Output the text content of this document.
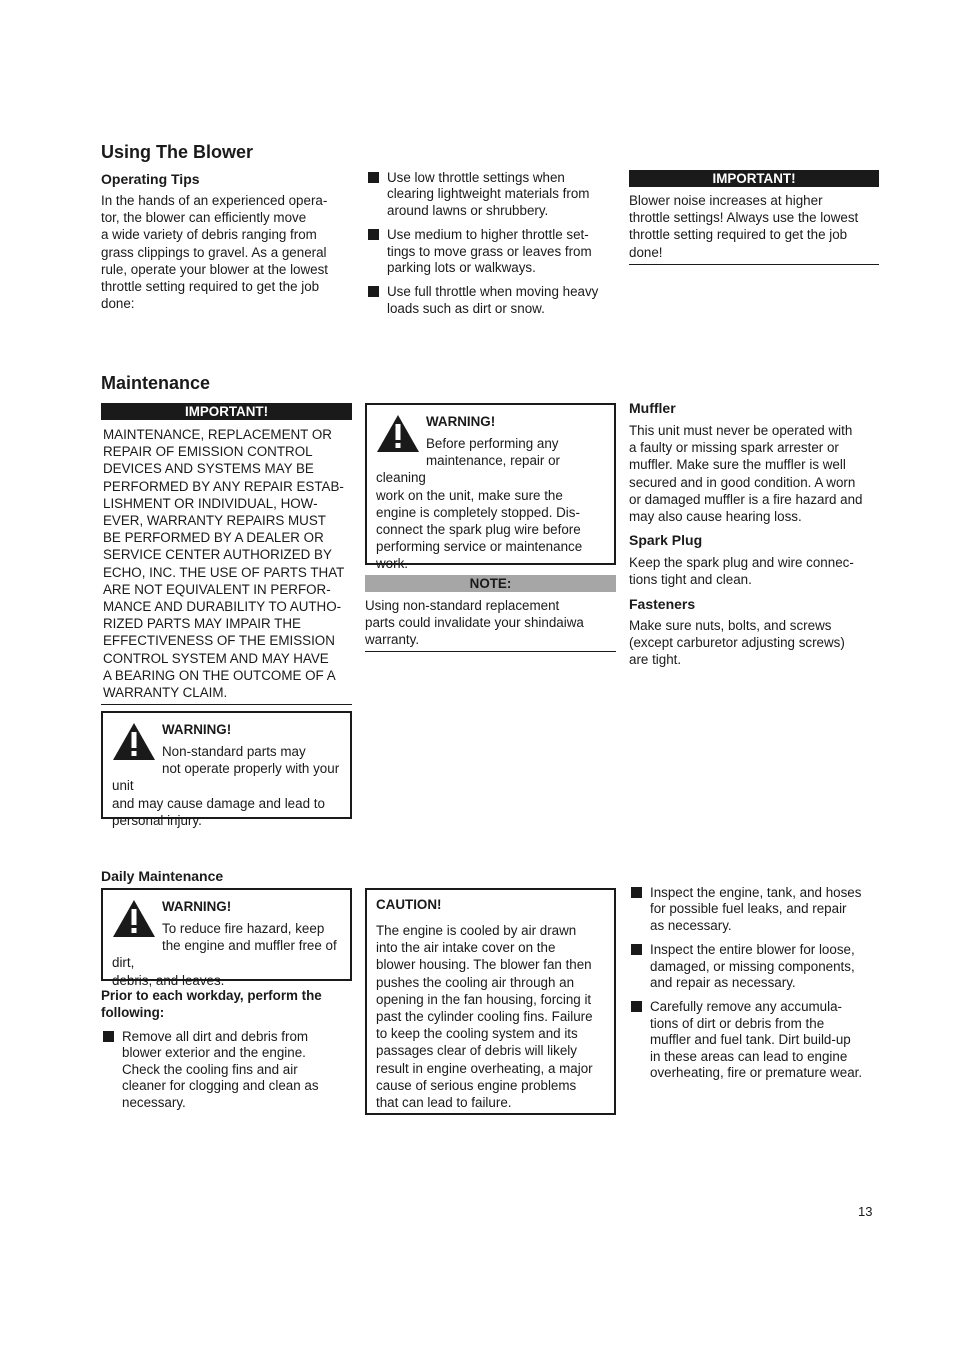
Using The Blower
Operating Tips
In the hands of an experienced opera-
tor, the blower can efficiently move
a wide variety of debris ranging from
grass clippings to gravel. As a general
rule, operate your blower at the lowest
throttle setting required to get the job
done:
Use low throttle settings when
clearing lightweight materials from
around lawns or shrubbery.
Use medium to higher throttle set-
tings to move grass or leaves from
parking lots or walkways.
Use full throttle when moving heavy
loads such as dirt or snow.
IMPORTANT!
Blower noise increases at higher
throttle settings! Always use the lowest
throttle setting required to get the job
done!
Maintenance
IMPORTANT!
MAINTENANCE, REPLACEMENT OR
REPAIR OF EMISSION CONTROL
DEVICES AND SYSTEMS MAY BE
PERFORMED BY ANY REPAIR ESTAB-
LISHMENT OR INDIVIDUAL, HOW-
EVER, WARRANTY REPAIRS MUST
BE PERFORMED BY A DEALER OR
SERVICE CENTER AUTHORIZED BY
ECHO, INC. THE USE OF PARTS THAT
ARE NOT EQUIVALENT IN PERFOR-
MANCE AND DURABILITY TO AUTHO-
RIZED PARTS MAY IMPAIR THE
EFFECTIVENESS OF THE EMISSION
CONTROL SYSTEM AND MAY HAVE
A BEARING ON THE OUTCOME OF A
WARRANTY CLAIM.
WARNING!
Non-standard parts may
not operate properly with your unit
and may cause damage and lead to
personal injury.
WARNING!
Before performing any
maintenance, repair or cleaning
work on the unit, make sure the
engine is completely stopped. Dis-
connect the spark plug wire before
performing service or maintenance
work.
NOTE:
Using non-standard replacement
parts could invalidate your shindaiwa
warranty.
Muffler
This unit must never be operated with
a faulty or missing spark arrester or
muffler. Make sure the muffler is well
secured and in good condition. A worn
or damaged muffler is a fire hazard and
may also cause hearing loss.
Spark Plug
Keep the spark plug and wire connec-
tions tight and clean.
Fasteners
Make sure nuts, bolts, and screws
(except carburetor adjusting screws)
are tight.
Daily Maintenance
WARNING!
To reduce fire hazard, keep
the engine and muffler free of dirt,
debris, and leaves.
Prior to each workday, perform the
following:
Remove all dirt and debris from
blower exterior and the engine.
Check the cooling fins and air
cleaner for clogging and clean as
necessary.
CAUTION!
The engine is cooled by air drawn
into the air intake cover on the
blower housing. The blower fan then
pushes the cooling air through an
opening in the fan housing, forcing it
past the cylinder cooling fins. Failure
to keep the cooling system and its
passages clear of debris will likely
result in engine overheating, a major
cause of serious engine problems
that can lead to failure.
Inspect the engine, tank, and hoses
for possible fuel leaks, and repair
as necessary.
Inspect the entire blower for loose,
damaged, or missing components,
and repair as necessary.
Carefully remove any accumula-
tions of dirt or debris from the
muffler and fuel tank. Dirt build-up
in these areas can lead to engine
overheating, fire or premature wear.
13
